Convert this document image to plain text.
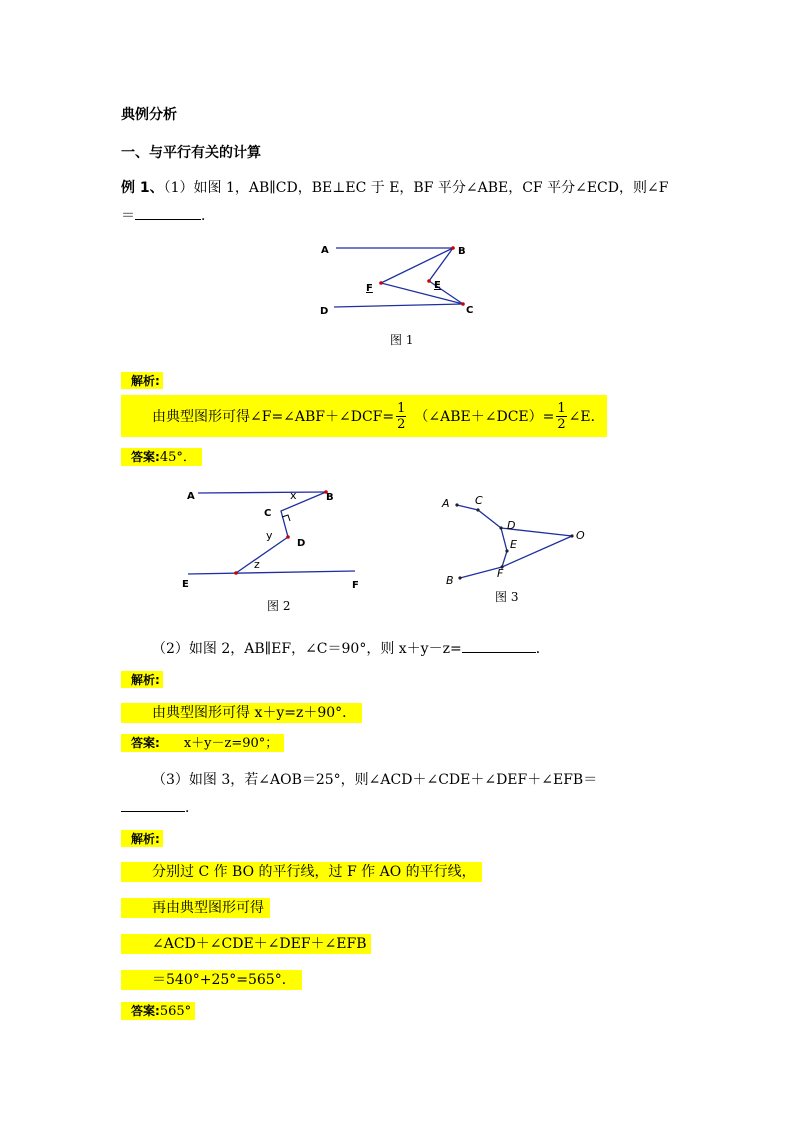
典例分析
一、与平行有关的计算
例 1、（1）如图 1，AB∥CD，BE⊥EC 于 E，BF 平分∠ABE，CF 平分∠ECD，则∠F
＝	．
A	B
C
D
F	E
图 1
解析:
由典型图形可得∠F=∠ABF＋∠DCF= $\frac{1}{2}$ （∠ABE＋∠DCE）= $\frac{1}{2}$ ∠E．
答案:45°．
A	B
C
D
E	F
x
y
z
图 2
A C
D
E
F
B
O
图 3
（2）如图 2，AB∥EF，∠C＝90°，则 x＋y－z=	．
解析:
由典型图形可得 x＋y=z＋90°．
答案: x＋y－z=90°；
（3）如图 3，若∠AOB＝25°，则∠ACD＋∠CDE＋∠DEF＋∠EFB＝
．
解析:
分别过 C 作 BO 的平行线，过 F 作 AO 的平行线，
再由典型图形可得
∠ACD＋∠CDE＋∠DEF＋∠EFB
＝540°+25°=565°．
答案:565°
